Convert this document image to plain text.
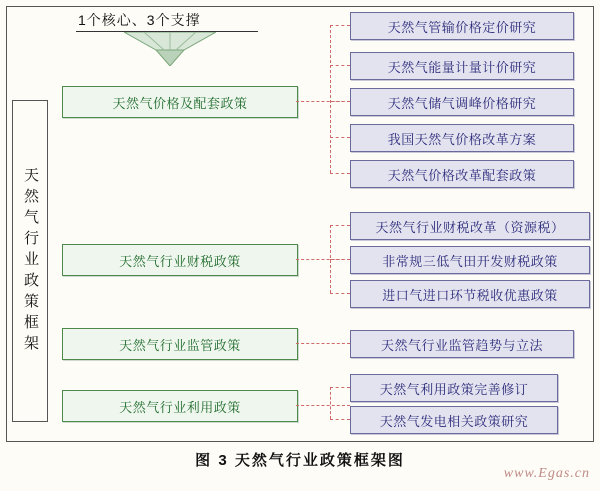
天然气行业政策框架
1个核心、3个支撑
天然气价格及配套政策
天然气管输价格定价研究
天然气能量计量计价研究
天然气储气调峰价格研究
我国天然气价格改革方案
天然气价格改革配套政策
天然气行业财税政策
天然气行业财税改革（资源税）
非常规三低气田开发财税政策
进口气进口环节税收优惠政策
天然气行业监管政策	天然气行业监管趋势与立法
天然气行业利用政策
天然气利用政策完善修订
天然气发电相关政策研究
图 3 天然气行业政策框架图
www.Egas.cn
